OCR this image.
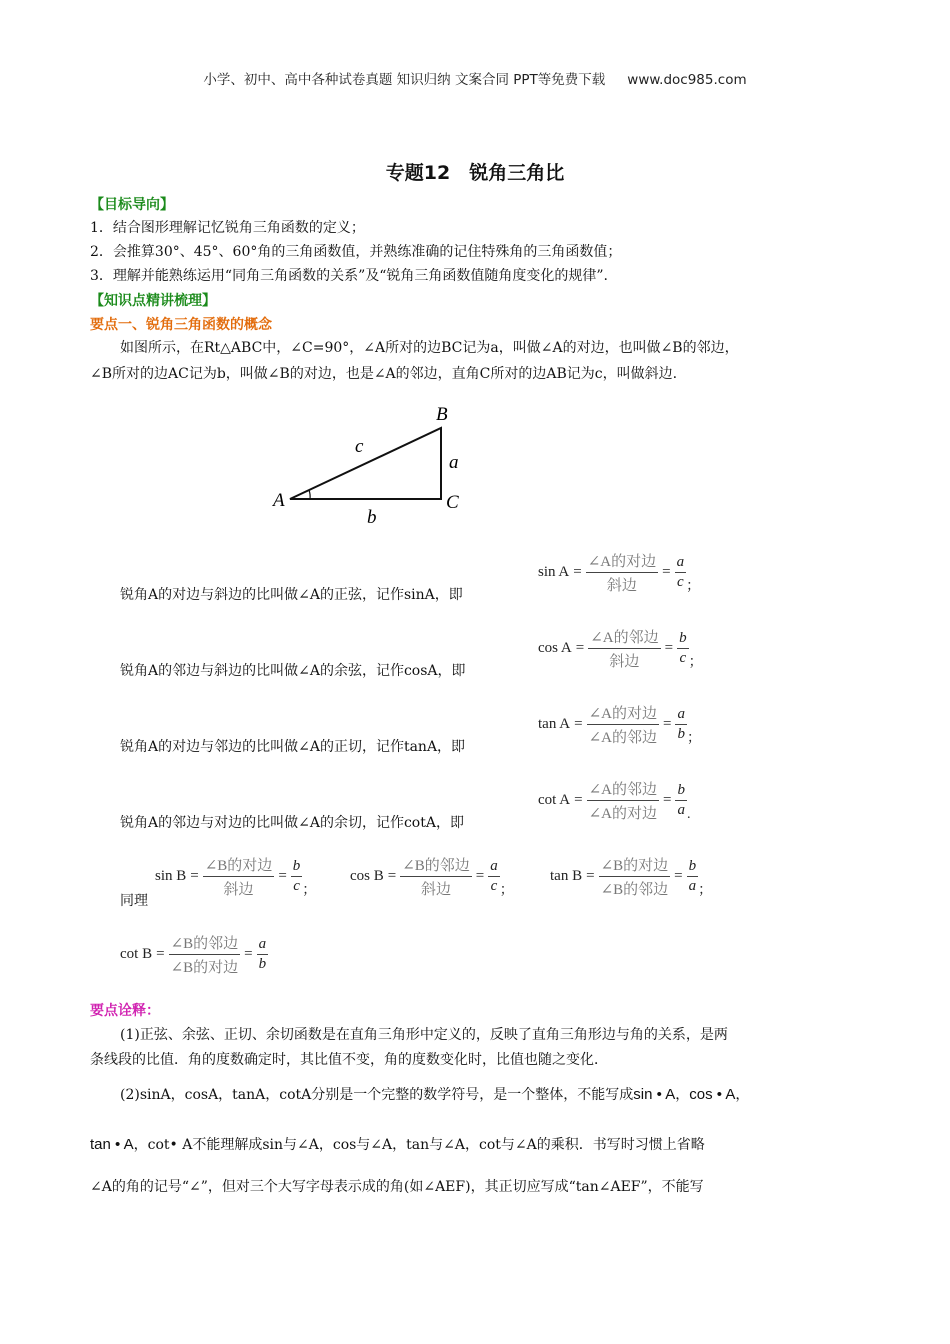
小学、初中、高中各种试卷真题 知识归纳 文案合同 PPT等免费下载 www.doc985.com
专题12　锐角三角比
【目标导向】
1．结合图形理解记忆锐角三角函数的定义；
2．会推算30°、45°、60°角的三角函数值，并熟练准确的记住特殊角的三角函数值；
3．理解并能熟练运用“同角三角函数的关系”及“锐角三角函数值随角度变化的规律”.
【知识点精讲梳理】
要点一、锐角三角函数的概念
如图所示，在Rt△ABC中，∠C=90°，∠A所对的边BC记为a，叫做∠A的对边，也叫做∠B的邻边，
∠B所对的边AC记为b，叫做∠B的对边，也是∠A的邻边，直角C所对的边AB记为c，叫做斜边.
A
B
C
a
b
c
锐角A的对边与斜边的比叫做∠A的正弦，记作sinA，即
$\sin A = \frac{\text{∠A的对边}}{\text{斜边}} = \frac{a}{c}$ ；
锐角A的邻边与斜边的比叫做∠A的余弦，记作cosA，即
$\cos A = \frac{\text{∠A的邻边}}{\text{斜边}} = \frac{b}{c}$ ；
锐角A的对边与邻边的比叫做∠A的正切，记作tanA，即
$\tan A = \frac{\text{∠A的对边}}{\text{∠A的邻边}} = \frac{a}{b}$ ；
锐角A的邻边与对边的比叫做∠A的余切，记作cotA，即
$\cot A = \frac{\text{∠A的邻边}}{\text{∠A的对边}} = \frac{b}{a}$ .
同理
$\sin B = \frac{\text{∠B的对边}}{\text{斜边}} = \frac{b}{c}$ ；
$\cos B = \frac{\text{∠B的邻边}}{\text{斜边}} = \frac{a}{c}$ ；
$\tan B = \frac{\text{∠B的对边}}{\text{∠B的邻边}} = \frac{b}{a}$ ；
$\cot B = \frac{\text{∠B的邻边}}{\text{∠B的对边}} = \frac{a}{b}$
要点诠释：
(1)正弦、余弦、正切、余切函数是在直角三角形中定义的，反映了直角三角形边与角的关系，是两
条线段的比值．角的度数确定时，其比值不变，角的度数变化时，比值也随之变化．
(2)sinA，cosA，tanA，cotA分别是一个完整的数学符号，是一个整体，不能写成sin • A，cos • A，
tan • A，cot• A不能理解成sin与∠A，cos与∠A，tan与∠A，cot与∠A的乘积．书写时习惯上省略
∠A的角的记号“∠”，但对三个大写字母表示成的角(如∠AEF)，其正切应写成“tan∠AEF”，不能写
